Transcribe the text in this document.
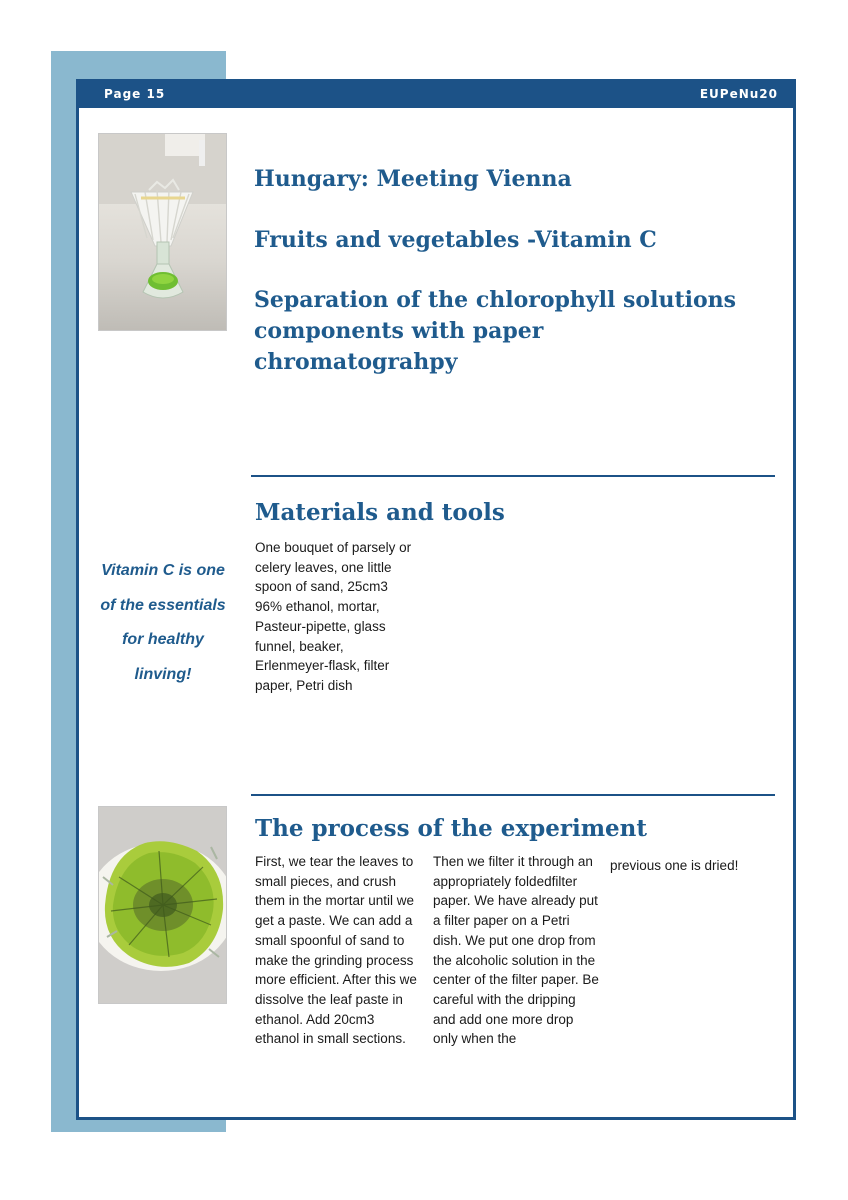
Page 15	EUPeNu20
Hungary: Meeting Vienna
Fruits and vegetables -Vitamin C
Separation of the chlorophyll solutions components with paper chromatograhpy
Materials and tools
One bouquet of parsely or celery leaves, one little spoon of sand, 25cm3 96% ethanol, mortar, Pasteur-pipette, glass funnel, beaker, Erlenmeyer-flask, filter paper, Petri dish
Vitamin C is one of the essentials for healthy linving!
The process of the experiment
First, we tear the leaves to small pieces, and crush them in the mortar until we get a paste. We can add a small spoonful of sand to make the grinding process more efficient. After this we dissolve the leaf paste in ethanol. Add 20cm3 ethanol in small sections.
Then we filter it through an appropriately foldedfilter paper. We have already put a filter paper on a Petri dish. We put one drop from the alcoholic solution in the center of the filter paper. Be careful with the dripping and add one more drop only when the
previous one is dried!
